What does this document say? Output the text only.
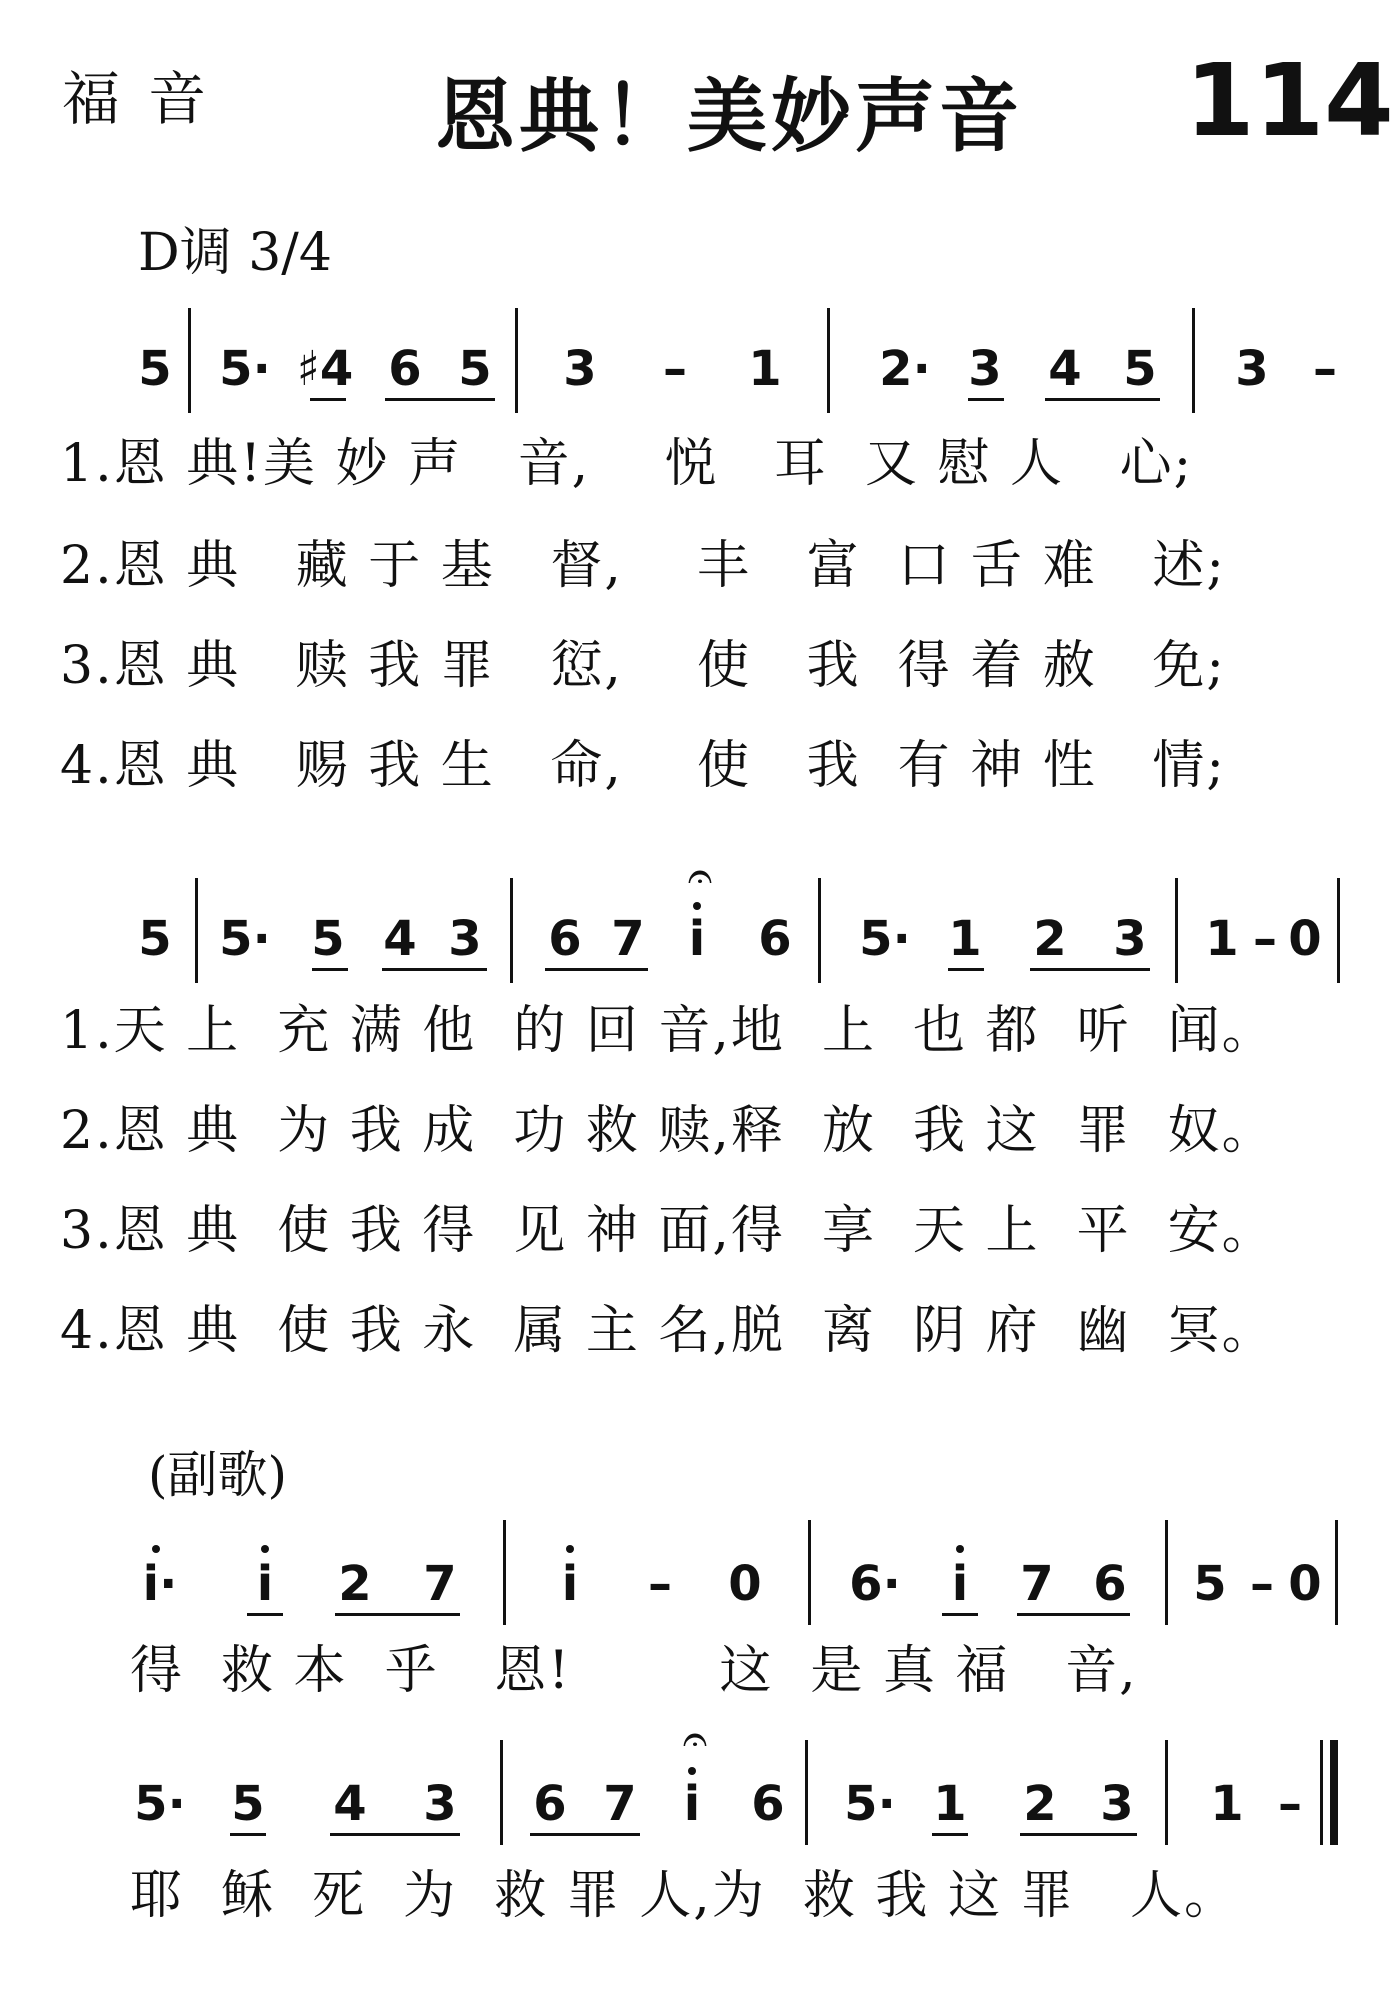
福音	恩典！美妙声音 114
D调 3/4
5 5· ♯4 6 5 3 – 1 2· 3 4 5 3 –
1.恩 典!美 妙 声   音,    悦   耳  又 慰 人   心;
2.恩 典   藏 于 基   督,    丰   富  口 舌 难   述;
3.恩 典   赎 我 罪   愆,    使   我  得 着 赦   免;
4.恩 典   赐 我 生   命,    使   我  有 神 性   情;
5 5· 5 4 3 6 7 i
𝄐
6 5· 1 2 3 1 – 0
1.天 上  充 满 他  的 回 音,地  上  也 都  听  闻。
2.恩 典  为 我 成  功 救 赎,释  放  我 这  罪  奴。
3.恩 典  使 我 得  见 神 面,得  享  天 上  平  安。
4.恩 典  使 我 永  属 主 名,脱  离  阴 府  幽  冥。
(副歌)
i· i 2 7 i – 0 6· i 7 6 5 – 0
得  救 本  乎   恩!        这  是 真 福   音,
5· 5 4 3 6 7 i
𝄐
6 5· 1 2 3 1 –
耶  稣  死  为  救 罪 人,为  救 我 这 罪   人。
